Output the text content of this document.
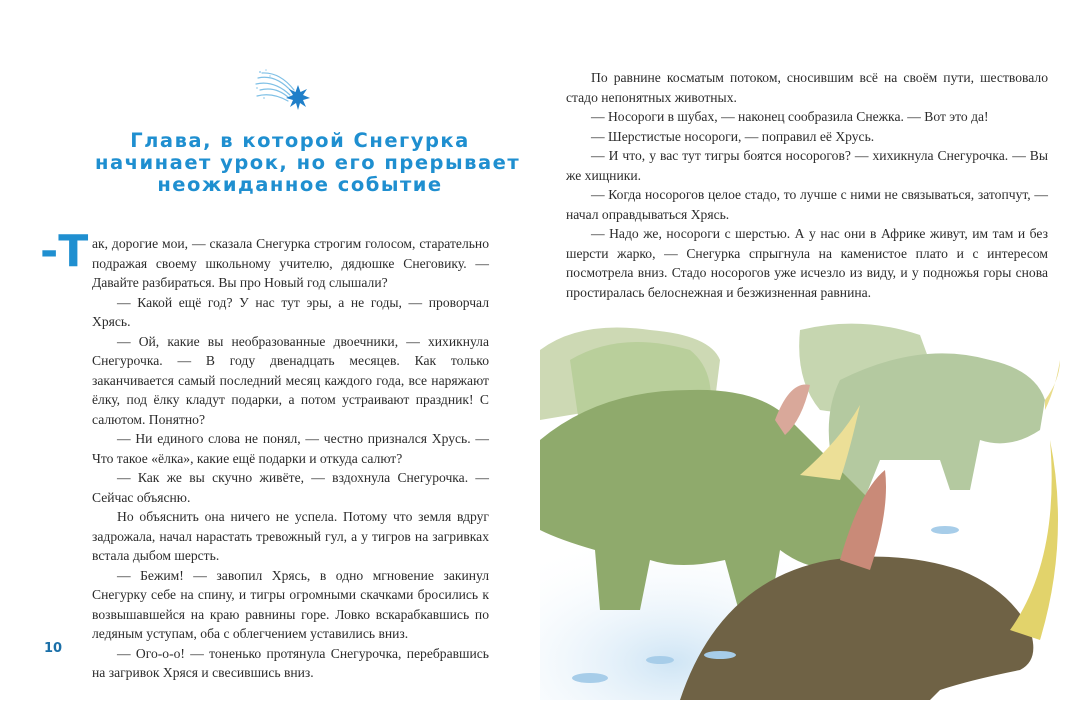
Глава, в которой Снегурка
начинает урок, но его прерывает
неожиданное событие

-Т ак, дорогие мои, — сказала Снегурка строгим голосом, старательно подражая своему школьному учителю, дядюшке Снеговику. — Давайте разбираться. Вы про Новый год слышали?

— Какой ещё год? У нас тут эры, а не годы, — проворчал Хрясь.

— Ой, какие вы необразованные двоечники, — хихикнула Снегурочка. — В году двенадцать месяцев. Как только заканчивается самый последний месяц каждого года, все наряжают ёлку, под ёлку кладут подарки, а потом устраивают праздник! С салютом. Понятно?

— Ни единого слова не понял, — честно признался Хрусь. — Что такое «ёлка», какие ещё подарки и откуда салют?

— Как же вы скучно живёте, — вздохнула Снегурочка. — Сейчас объясню.

Но объяснить она ничего не успела. Потому что земля вдруг задрожала, начал нарастать тревожный гул, а у тигров на загривках встала дыбом шерсть.

— Бежим! — завопил Хрясь, в одно мгновение закинул Снегурку себе на спину, и тигры огромными скачками бросились к возвышавшейся на краю равнины горе. Ловко вскарабкавшись по ледяным уступам, оба с облегчением уставились вниз.

— Ого-о-о! — тоненько протянула Снегурочка, перебравшись на загривок Хряся и свесившись вниз.

10

По равнине косматым потоком, сносившим всё на своём пути, шествовало стадо непонятных животных.

— Носороги в шубах, — наконец сообразила Снежка. — Вот это да!

— Шерстистые носороги, — поправил её Хрусь.

— И что, у вас тут тигры боятся носорогов? — хихикнула Снегурочка. — Вы же хищники.

— Когда носорогов целое стадо, то лучше с ними не связываться, затопчут, — начал оправдываться Хрясь.

— Надо же, носороги с шерстью. А у нас они в Африке живут, им там и без шерсти жарко, — Снегурка спрыгнула на каменистое плато и с интересом посмотрела вниз. Стадо носорогов уже исчезло из виду, и у подножья горы снова простиралась белоснежная и безжизненная равнина.
